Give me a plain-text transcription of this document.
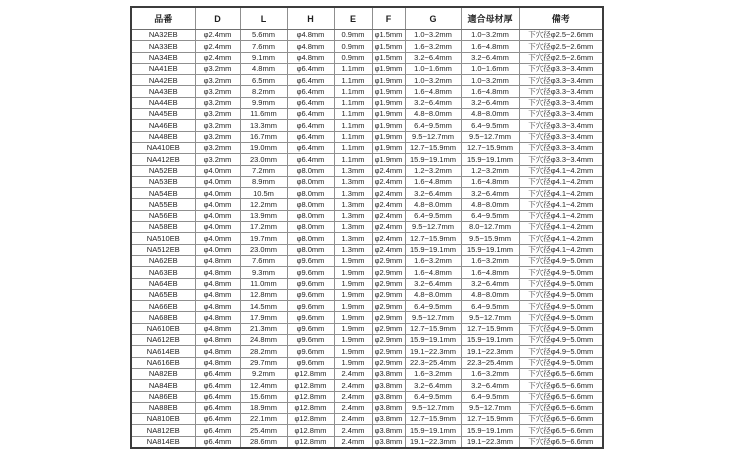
品番	D	L	H	E	F	G	適合母材厚	備考
NA32EB	φ2.4mm	5.6mm	φ4.8mm	0.9mm	φ1.5mm	1.0~3.2mm	1.0~3.2mm	下穴径φ2.5~2.6mm
NA33EB	φ2.4mm	7.6mm	φ4.8mm	0.9mm	φ1.5mm	1.6~3.2mm	1.6~4.8mm	下穴径φ2.5~2.6mm
NA34EB	φ2.4mm	9.1mm	φ4.8mm	0.9mm	φ1.5mm	3.2~6.4mm	3.2~6.4mm	下穴径φ2.5~2.6mm
NA41EB	φ3.2mm	4.8mm	φ6.4mm	1.1mm	φ1.9mm	1.0~1.6mm	1.0~1.6mm	下穴径φ3.3~3.4mm
NA42EB	φ3.2mm	6.5mm	φ6.4mm	1.1mm	φ1.9mm	1.0~3.2mm	1.0~3.2mm	下穴径φ3.3~3.4mm
NA43EB	φ3.2mm	8.2mm	φ6.4mm	1.1mm	φ1.9mm	1.6~4.8mm	1.6~4.8mm	下穴径φ3.3~3.4mm
NA44EB	φ3.2mm	9.9mm	φ6.4mm	1.1mm	φ1.9mm	3.2~6.4mm	3.2~6.4mm	下穴径φ3.3~3.4mm
NA45EB	φ3.2mm	11.6mm	φ6.4mm	1.1mm	φ1.9mm	4.8~8.0mm	4.8~8.0mm	下穴径φ3.3~3.4mm
NA46EB	φ3.2mm	13.3mm	φ6.4mm	1.1mm	φ1.9mm	6.4~9.5mm	6.4~9.5mm	下穴径φ3.3~3.4mm
NA48EB	φ3.2mm	16.7mm	φ6.4mm	1.1mm	φ1.9mm	9.5~12.7mm	9.5~12.7mm	下穴径φ3.3~3.4mm
NA410EB	φ3.2mm	19.0mm	φ6.4mm	1.1mm	φ1.9mm	12.7~15.9mm	12.7~15.9mm	下穴径φ3.3~3.4mm
NA412EB	φ3.2mm	23.0mm	φ6.4mm	1.1mm	φ1.9mm	15.9~19.1mm	15.9~19.1mm	下穴径φ3.3~3.4mm
NA52EB	φ4.0mm	7.2mm	φ8.0mm	1.3mm	φ2.4mm	1.2~3.2mm	1.2~3.2mm	下穴径φ4.1~4.2mm
NA53EB	φ4.0mm	8.9mm	φ8.0mm	1.3mm	φ2.4mm	1.6~4.8mm	1.6~4.8mm	下穴径φ4.1~4.2mm
NA54EB	φ4.0mm	10.5m	φ8.0mm	1.3mm	φ2.4mm	3.2~6.4mm	3.2~6.4mm	下穴径φ4.1~4.2mm
NA55EB	φ4.0mm	12.2mm	φ8.0mm	1.3mm	φ2.4mm	4.8~8.0mm	4.8~8.0mm	下穴径φ4.1~4.2mm
NA56EB	φ4.0mm	13.9mm	φ8.0mm	1.3mm	φ2.4mm	6.4~9.5mm	6.4~9.5mm	下穴径φ4.1~4.2mm
NA58EB	φ4.0mm	17.2mm	φ8.0mm	1.3mm	φ2.4mm	9.5~12.7mm	8.0~12.7mm	下穴径φ4.1~4.2mm
NA510EB	φ4.0mm	19.7mm	φ8.0mm	1.3mm	φ2.4mm	12.7~15.9mm	9.5~15.9mm	下穴径φ4.1~4.2mm
NA512EB	φ4.0mm	23.0mm	φ8.0mm	1.3mm	φ2.4mm	15.9~19.1mm	15.9~19.1mm	下穴径φ4.1~4.2mm
NA62EB	φ4.8mm	7.6mm	φ9.6mm	1.9mm	φ2.9mm	1.6~3.2mm	1.6~3.2mm	下穴径φ4.9~5.0mm
NA63EB	φ4.8mm	9.3mm	φ9.6mm	1.9mm	φ2.9mm	1.6~4.8mm	1.6~4.8mm	下穴径φ4.9~5.0mm
NA64EB	φ4.8mm	11.0mm	φ9.6mm	1.9mm	φ2.9mm	3.2~6.4mm	3.2~6.4mm	下穴径φ4.9~5.0mm
NA65EB	φ4.8mm	12.8mm	φ9.6mm	1.9mm	φ2.9mm	4.8~8.0mm	4.8~8.0mm	下穴径φ4.9~5.0mm
NA66EB	φ4.8mm	14.5mm	φ9.6mm	1.9mm	φ2.9mm	6.4~9.5mm	6.4~9.5mm	下穴径φ4.9~5.0mm
NA68EB	φ4.8mm	17.9mm	φ9.6mm	1.9mm	φ2.9mm	9.5~12.7mm	9.5~12.7mm	下穴径φ4.9~5.0mm
NA610EB	φ4.8mm	21.3mm	φ9.6mm	1.9mm	φ2.9mm	12.7~15.9mm	12.7~15.9mm	下穴径φ4.9~5.0mm
NA612EB	φ4.8mm	24.8mm	φ9.6mm	1.9mm	φ2.9mm	15.9~19.1mm	15.9~19.1mm	下穴径φ4.9~5.0mm
NA614EB	φ4.8mm	28.2mm	φ9.6mm	1.9mm	φ2.9mm	19.1~22.3mm	19.1~22.3mm	下穴径φ4.9~5.0mm
NA616EB	φ4.8mm	29.7mm	φ9.6mm	1.9mm	φ2.9mm	22.3~25.4mm	22.3~25.4mm	下穴径φ4.9~5.0mm
NA82EB	φ6.4mm	9.2mm	φ12.8mm	2.4mm	φ3.8mm	1.6~3.2mm	1.6~3.2mm	下穴径φ6.5~6.6mm
NA84EB	φ6.4mm	12.4mm	φ12.8mm	2.4mm	φ3.8mm	3.2~6.4mm	3.2~6.4mm	下穴径φ6.5~6.6mm
NA86EB	φ6.4mm	15.6mm	φ12.8mm	2.4mm	φ3.8mm	6.4~9.5mm	6.4~9.5mm	下穴径φ6.5~6.6mm
NA88EB	φ6.4mm	18.9mm	φ12.8mm	2.4mm	φ3.8mm	9.5~12.7mm	9.5~12.7mm	下穴径φ6.5~6.6mm
NA810EB	φ6.4mm	22.1mm	φ12.8mm	2.4mm	φ3.8mm	12.7~15.9mm	12.7~15.9mm	下穴径φ6.5~6.6mm
NA812EB	φ6.4mm	25.4mm	φ12.8mm	2.4mm	φ3.8mm	15.9~19.1mm	15.9~19.1mm	下穴径φ6.5~6.6mm
NA814EB	φ6.4mm	28.6mm	φ12.8mm	2.4mm	φ3.8mm	19.1~22.3mm	19.1~22.3mm	下穴径φ6.5~6.6mm
